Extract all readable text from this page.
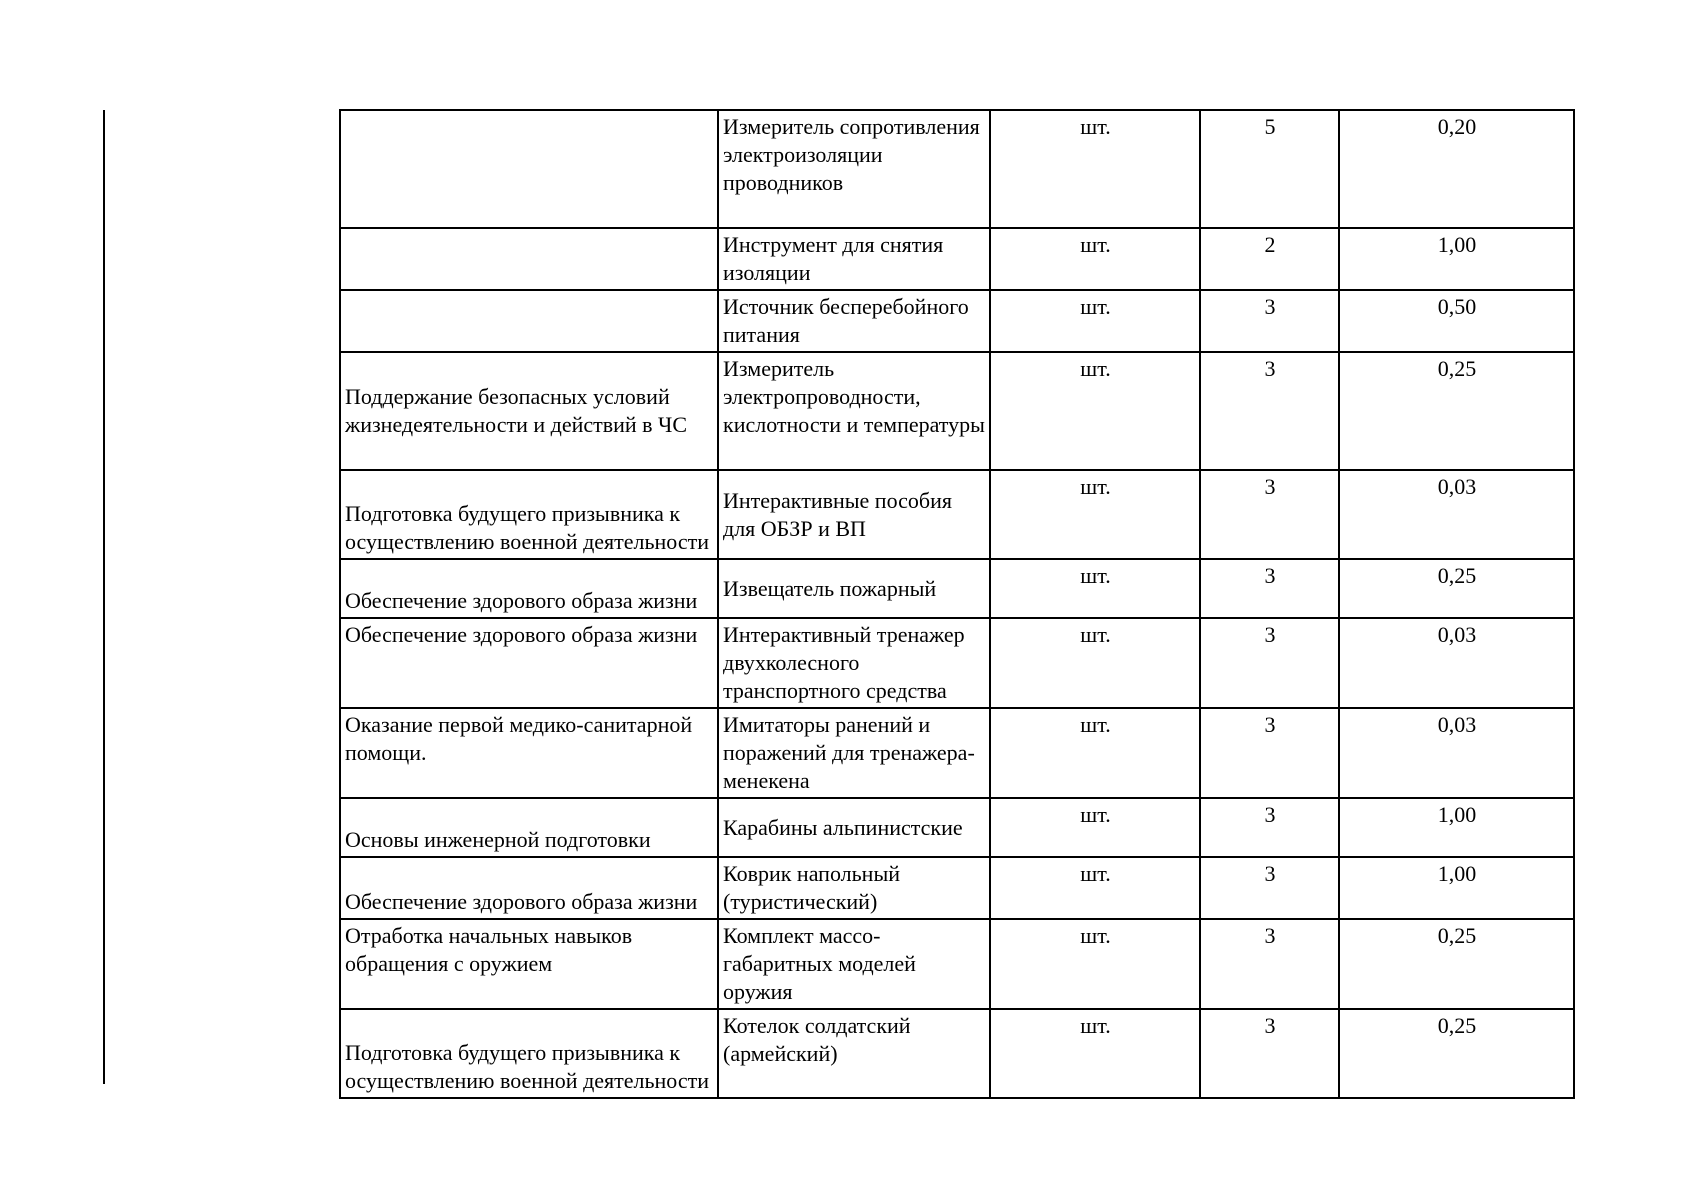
	Измеритель сопротивления электроизоляции проводников	шт.	5	0,20

	Инструмент для снятия изоляции	шт.	2	1,00

	Источник бесперебойного питания	шт.	3	0,50

Поддержание безопасных условий жизнедеятельности и действий в ЧС	Измеритель электропроводности, кислотности и температуры	шт.	3	0,25

Подготовка будущего призывника к осуществлению военной деятельности	Интерактивные пособия для ОБЗР и ВП	шт.	3	0,03

Обеспечение здорового образа жизни	Извещатель пожарный	шт.	3	0,25

Обеспечение здорового образа жизни	Интерактивный тренажер двухколесного транспортного средства	шт.	3	0,03

Оказание первой медико-санитарной помощи.	Имитаторы ранений и поражений для тренажера-менекена	шт.	3	0,03

Основы инженерной подготовки	Карабины альпинистские	шт.	3	1,00

Обеспечение здорового образа жизни	Коврик напольный (туристический)	шт.	3	1,00

Отработка начальных навыков обращения с оружием	Комплект массо-габаритных моделей оружия	шт.	3	0,25

Подготовка будущего призывника к осуществлению военной деятельности	Котелок солдатский (армейский)	шт.	3	0,25
